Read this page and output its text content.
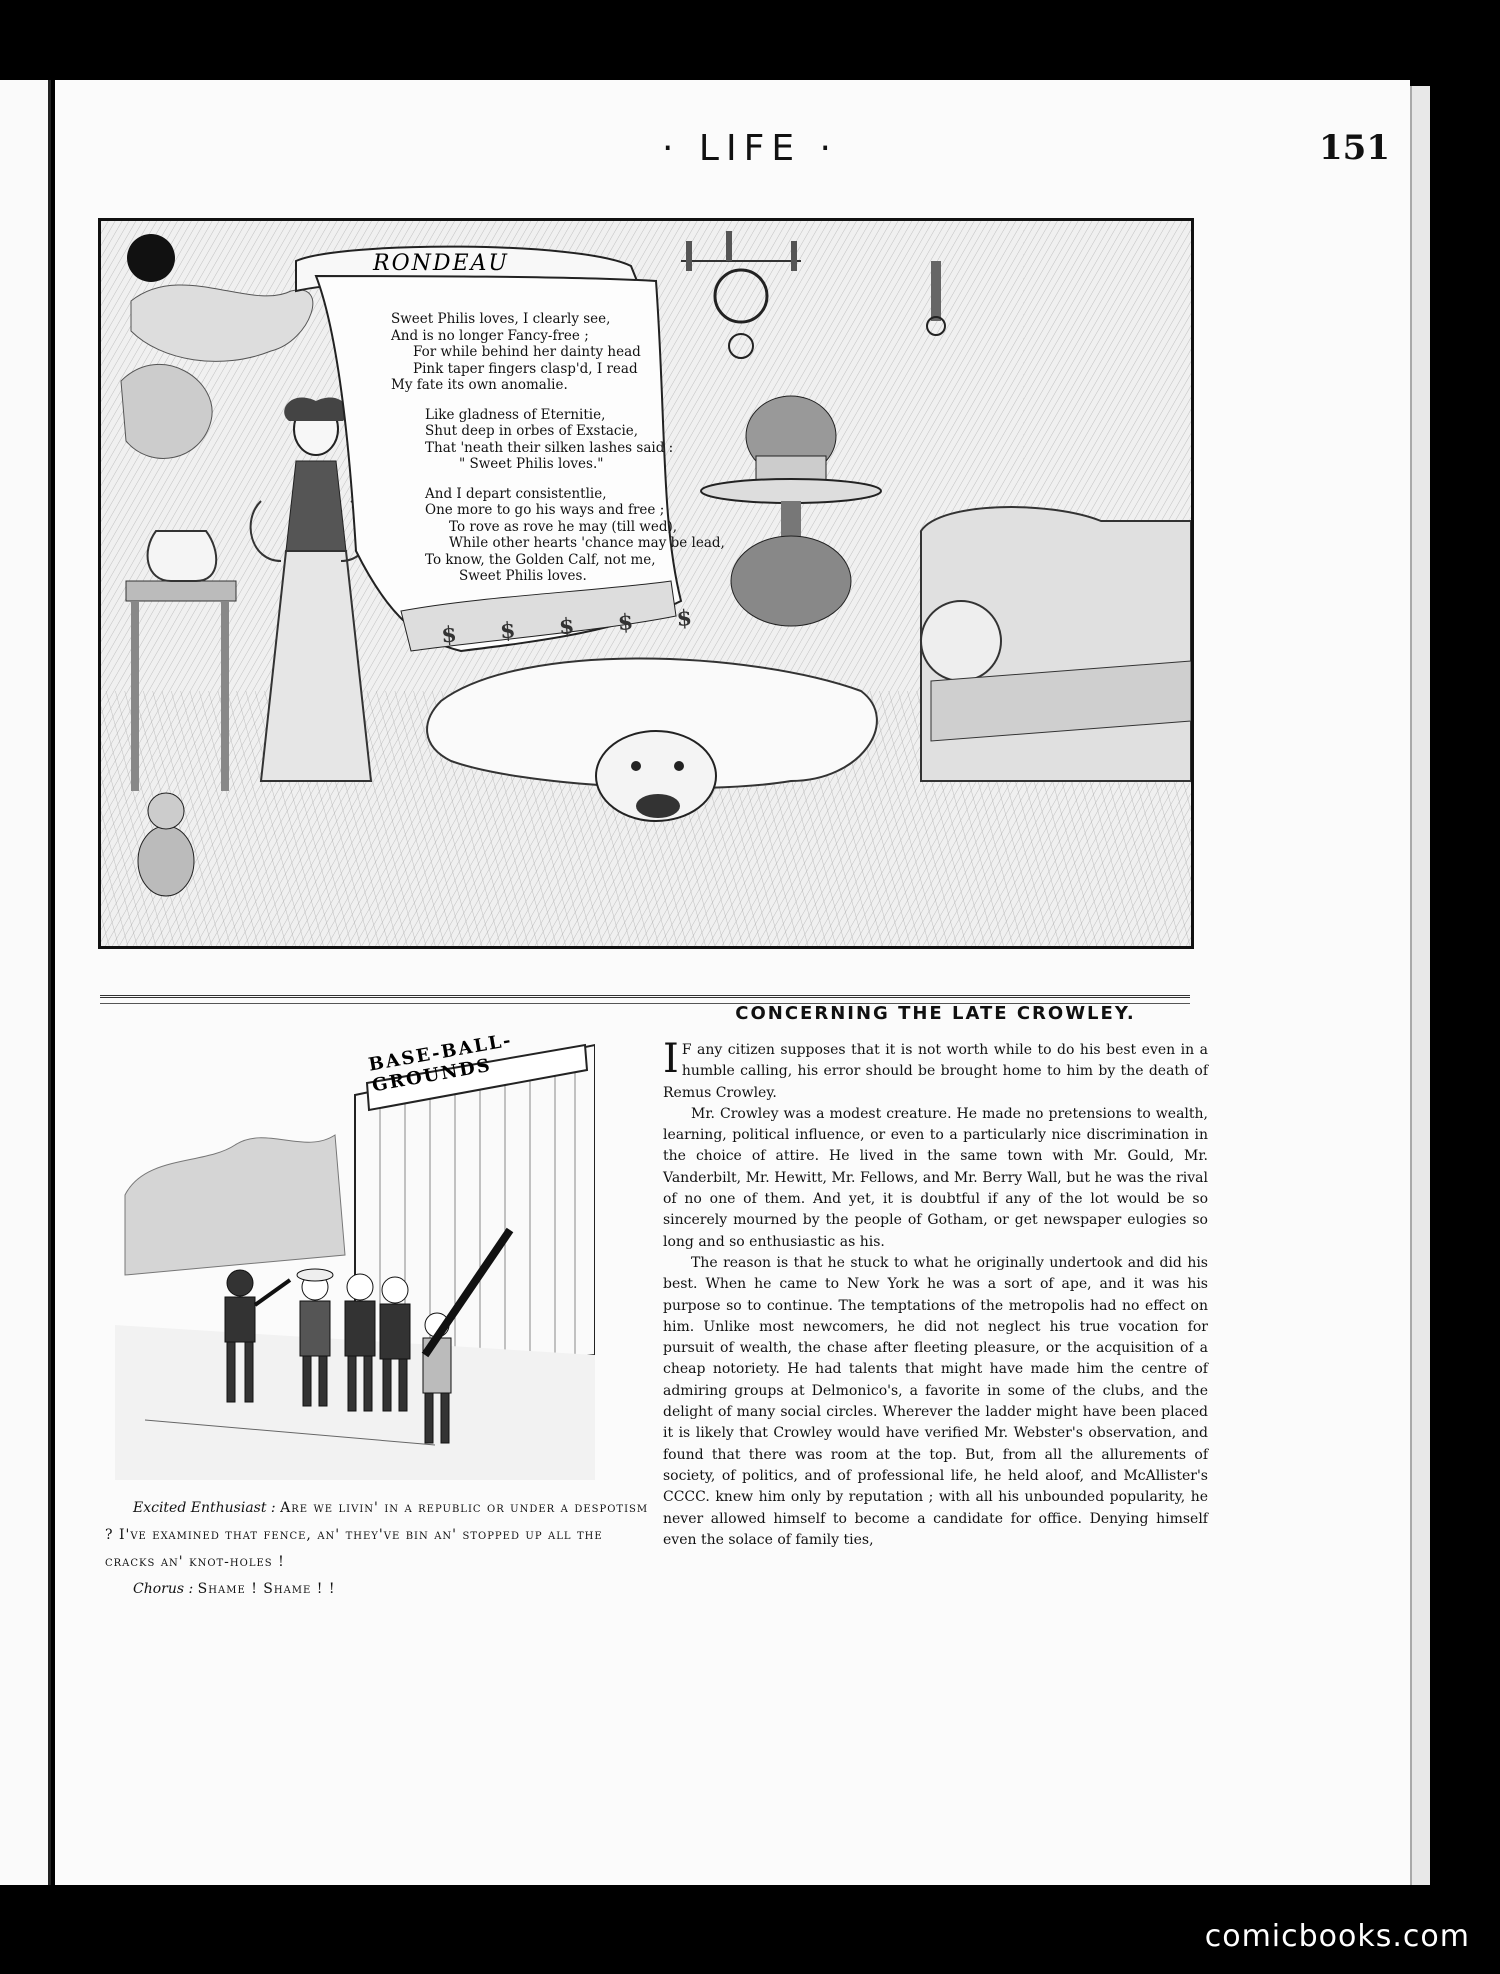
· LIFE ·	151
RONDEAU
Sweet Philis loves, I clearly see,
And is no longer Fancy-free ;
For while behind her dainty head
Pink taper fingers clasp'd, I read
My fate its own anomalie.
Like gladness of Eternitie,
Shut deep in orbes of Exstacie,
That 'neath their silken lashes said :
" Sweet Philis loves."
And I depart consistentlie,
One more to go his ways and free ;
To rove as rove he may (till wed),
While other hearts 'chance may be lead,
To know, the Golden Calf, not me,
Sweet Philis loves.
$ $ $ $ $
BASE-BALL-GROUNDS
Excited Enthusiast : Are we livin' in a republic or under a despotism ? I've examined that fence, an' they've bin an' stopped up all the cracks an' knot-holes !
Chorus : Shame ! Shame ! !
CONCERNING THE LATE CROWLEY.

I F any citizen supposes that it is not worth while to do his best even in a humble calling, his error should be brought home to him by the death of Remus Crowley.

Mr. Crowley was a modest creature. He made no pretensions to wealth, learning, political influence, or even to a particularly nice discrimination in the choice of attire. He lived in the same town with Mr. Gould, Mr. Vanderbilt, Mr. Hewitt, Mr. Fellows, and Mr. Berry Wall, but he was the rival of no one of them. And yet, it is doubtful if any of the lot would be so sincerely mourned by the people of Gotham, or get newspaper eulogies so long and so enthusiastic as his.

The reason is that he stuck to what he originally undertook and did his best. When he came to New York he was a sort of ape, and it was his purpose so to continue. The temptations of the metropolis had no effect on him. Unlike most newcomers, he did not neglect his true vocation for pursuit of wealth, the chase after fleeting pleasure, or the acquisition of a cheap notoriety. He had talents that might have made him the centre of admiring groups at Delmonico's, a favorite in some of the clubs, and the delight of many social circles. Wherever the ladder might have been placed it is likely that Crowley would have verified Mr. Webster's observation, and found that there was room at the top. But, from all the allurements of society, of politics, and of professional life, he held aloof, and McAllister's CCCC. knew him only by reputation ; with all his unbounded popularity, he never allowed himself to become a candidate for office. Denying himself even the solace of family ties,

comicbooks.com
